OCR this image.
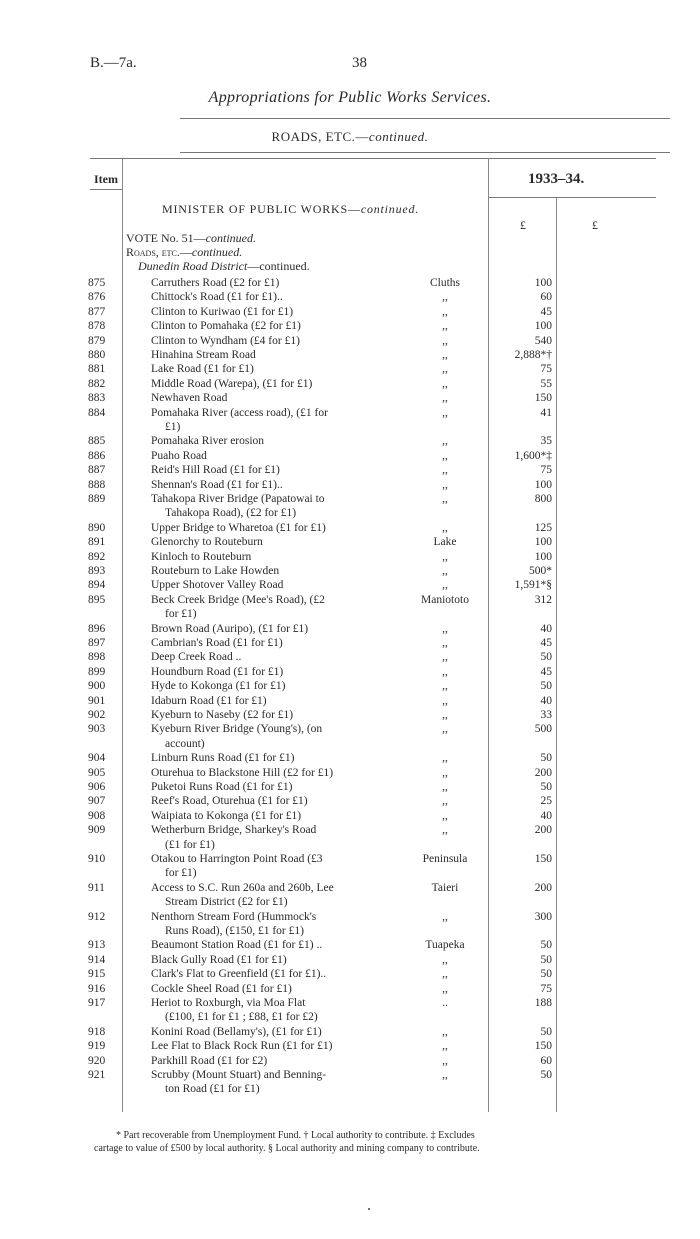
B.—7a.	38
Appropriations for Public Works Services.
ROADS, ETC.—continued.
Item	1933–34.
MINISTER OF PUBLIC WORKS—continued.
£	£
VOTE No. 51—continued.
Roads, etc.—continued.
Dunedin Road District—continued.
875	Carruthers Road (£2 for £1)	Cluths	100
876	Chittock's Road (£1 for £1)..	,,	60
877	Clinton to Kuriwao (£1 for £1)	,,	45
878	Clinton to Pomahaka (£2 for £1)	,,	100
879	Clinton to Wyndham (£4 for £1)	,,	540
880	Hinahina Stream Road	,,	2,888*†
881	Lake Road (£1 for £1)	,,	75
882	Middle Road (Warepa), (£1 for £1)	,,	55
883	Newhaven Road	,,	150
884	Pomahaka River (access road), (£1 for	,,	41
£1)
885	Pomahaka River erosion	,,	35
886	Puaho Road	,,	1,600*‡
887	Reid's Hill Road (£1 for £1)	,,	75
888	Shennan's Road (£1 for £1)..	,,	100
889	Tahakopa River Bridge (Papatowai to	,,	800
Tahakopa Road), (£2 for £1)
890	Upper Bridge to Wharetoa (£1 for £1)	,,	125
891	Glenorchy to Routeburn	Lake	100
892	Kinloch to Routeburn	,,	100
893	Routeburn to Lake Howden	,,	500*
894	Upper Shotover Valley Road	,,	1,591*§
895	Beck Creek Bridge (Mee's Road), (£2	Maniototo	312
for £1)
896	Brown Road (Auripo), (£1 for £1)	,,	40
897	Cambrian's Road (£1 for £1)	,,	45
898	Deep Creek Road ..	,,	50
899	Houndburn Road (£1 for £1)	,,	45
900	Hyde to Kokonga (£1 for £1)	,,	50
901	Idaburn Road (£1 for £1)	,,	40
902	Kyeburn to Naseby (£2 for £1)	,,	33
903	Kyeburn River Bridge (Young's), (on	,,	500
account)
904	Linburn Runs Road (£1 for £1)	,,	50
905	Oturehua to Blackstone Hill (£2 for £1)	,,	200
906	Puketoi Runs Road (£1 for £1)	,,	50
907	Reef's Road, Oturehua (£1 for £1)	,,	25
908	Waipiata to Kokonga (£1 for £1)	,,	40
909	Wetherburn Bridge, Sharkey's Road	,,	200
(£1 for £1)
910	Otakou to Harrington Point Road (£3	Peninsula	150
for £1)
911	Access to S.C. Run 260a and 260b, Lee	Taieri	200
Stream District (£2 for £1)
912	Nenthorn Stream Ford (Hummock's	,,	300
Runs Road), (£150, £1 for £1)
913	Beaumont Station Road (£1 for £1) ..	Tuapeka	50
914	Black Gully Road (£1 for £1)	,,	50
915	Clark's Flat to Greenfield (£1 for £1)..	,,	50
916	Cockle Sheel Road (£1 for £1)	,,	75
917	Heriot to Roxburgh, via Moa Flat	..	188
(£100, £1 for £1 ; £88, £1 for £2)
918	Konini Road (Bellamy's), (£1 for £1)	,,	50
919	Lee Flat to Black Rock Run (£1 for £1)	,,	150
920	Parkhill Road (£1 for £2)	,,	60
921	Scrubby (Mount Stuart) and Benning-	,,	50
ton Road (£1 for £1)
* Part recoverable from Unemployment Fund. † Local authority to contribute. ‡ Excludes
cartage to value of £500 by local authority. § Local authority and mining company to contribute.
